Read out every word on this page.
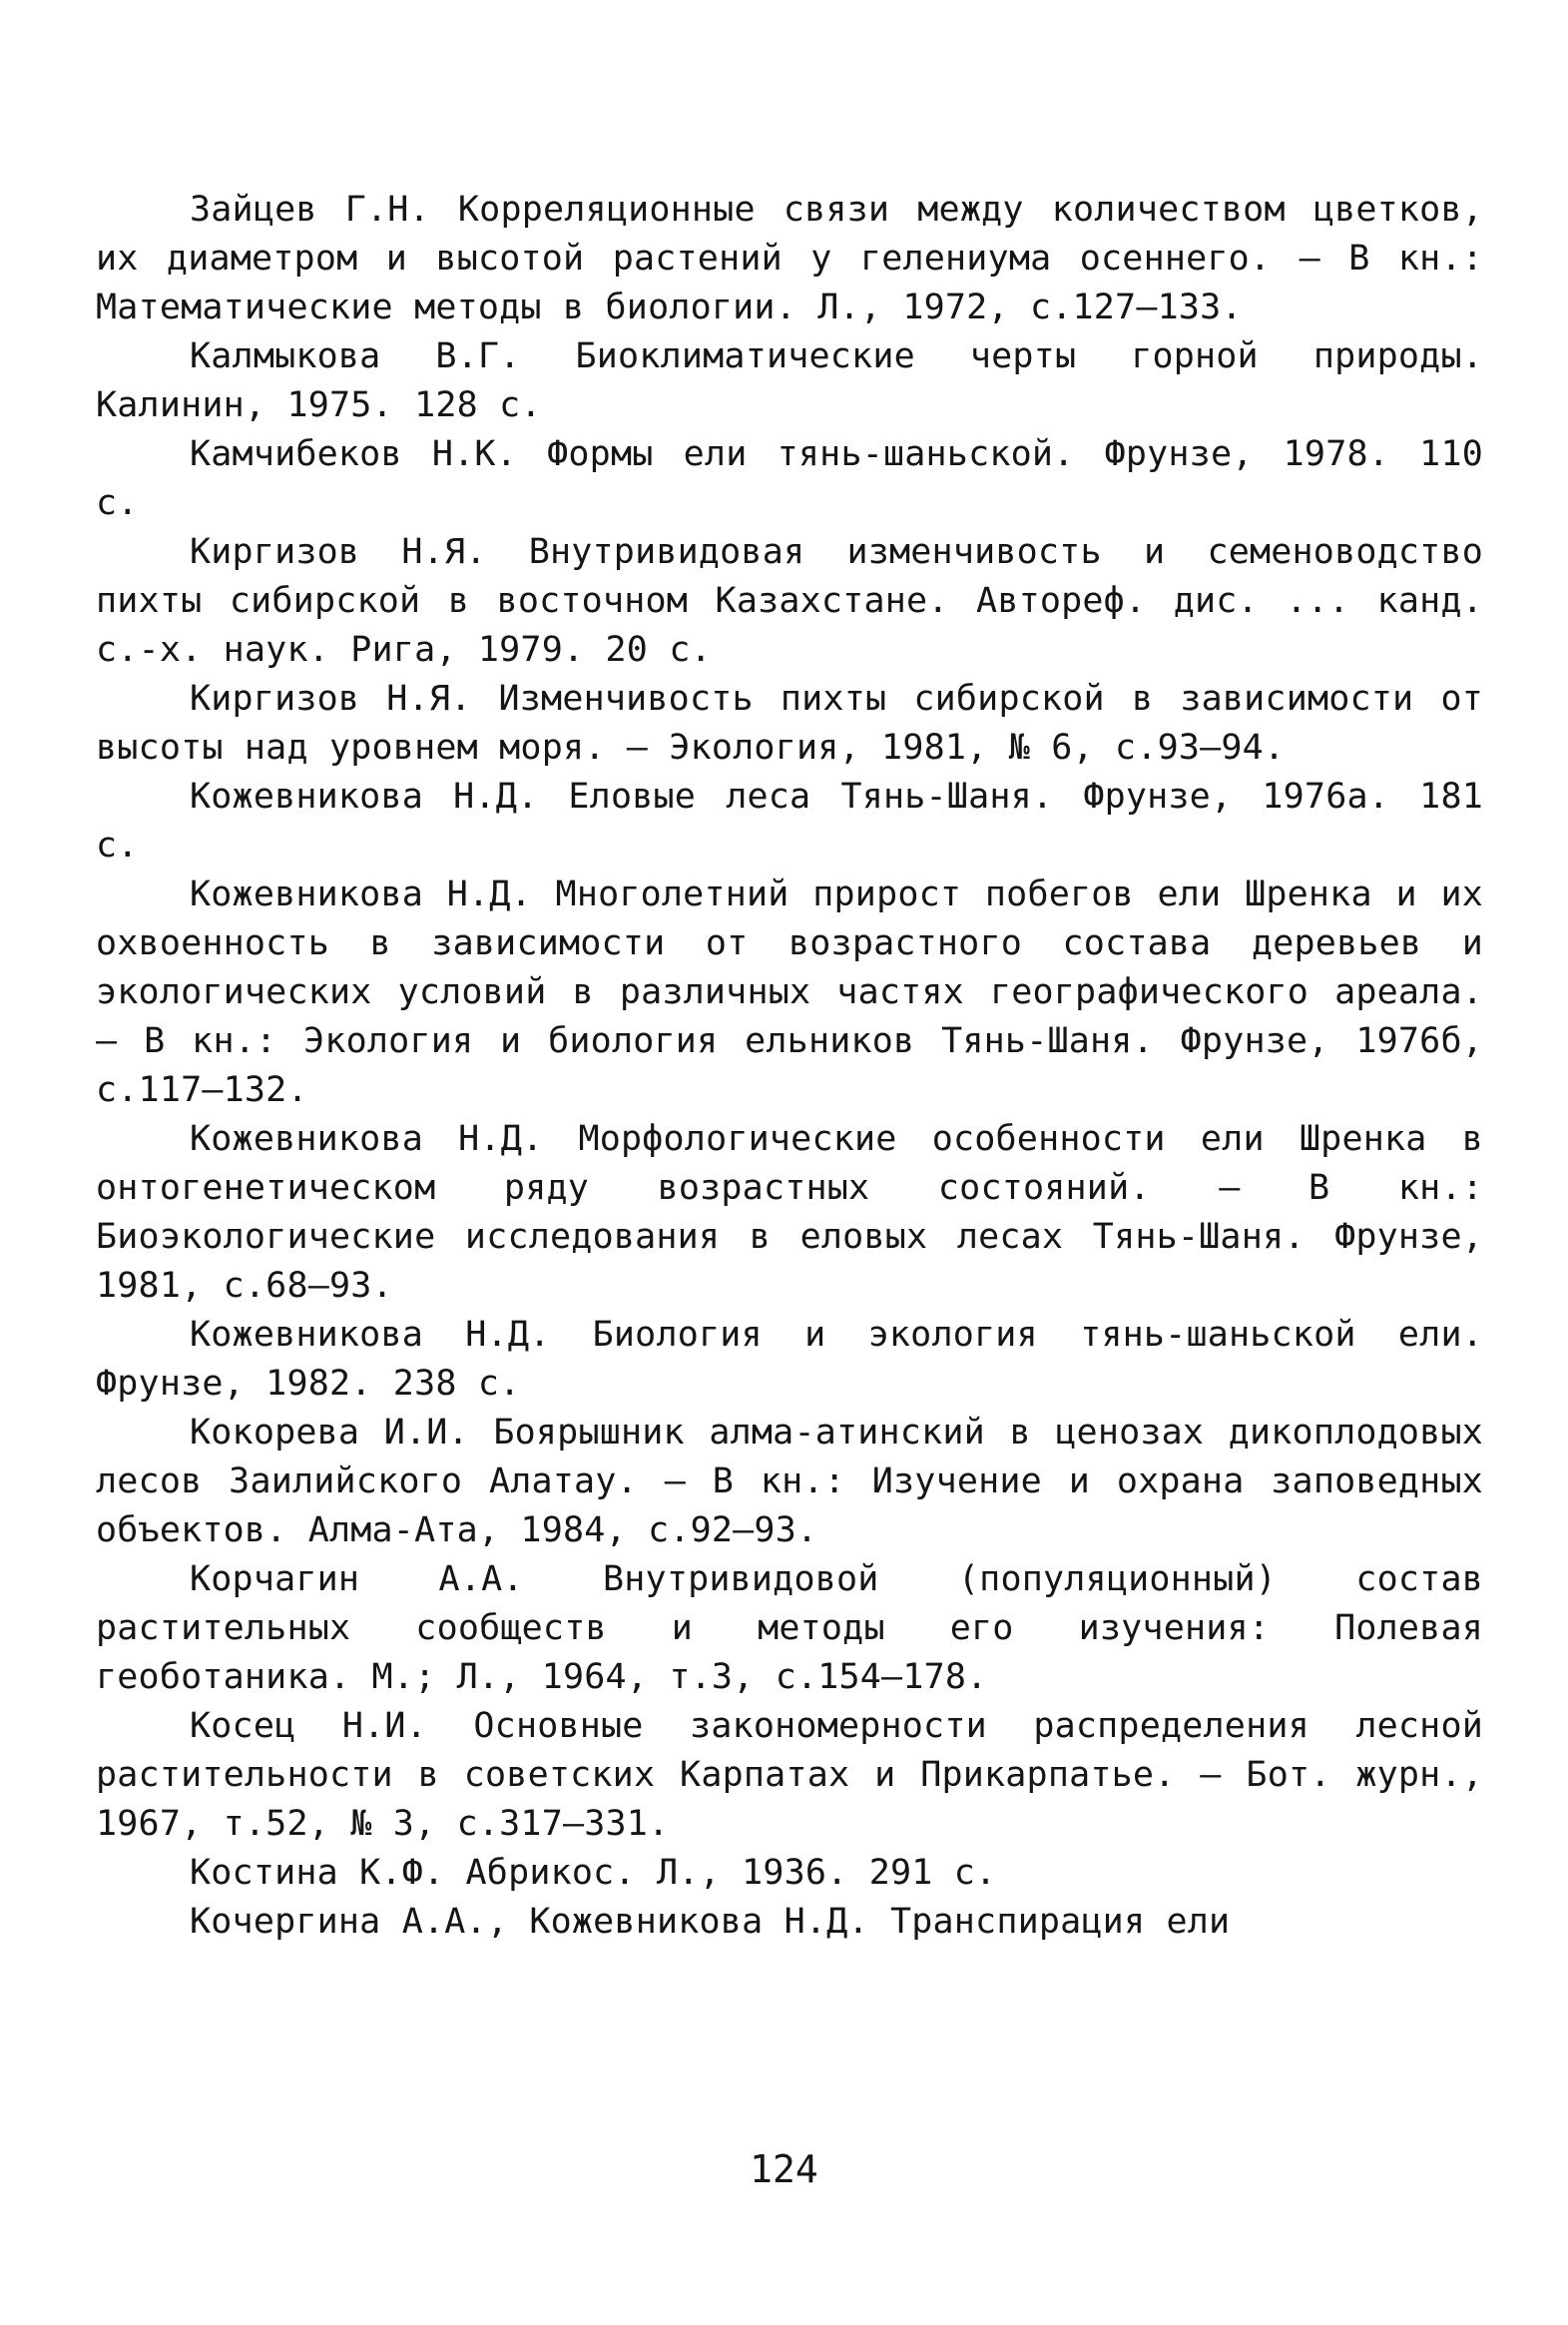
Зайцев Г.Н. Корреляционные связи между количеством цветков, их диаметром и высотой растений у гелениума осеннего. – В кн.: Математические методы в биологии. Л., 1972, с.127–133.

Калмыкова В.Г. Биоклиматические черты горной природы. Калинин, 1975. 128 с.

Камчибеков Н.К. Формы ели тянь-шаньской. Фрунзе, 1978. 110 с.

Киргизов Н.Я. Внутривидовая изменчивость и семеноводство пихты сибирской в восточном Казахстане. Автореф. дис. ... канд. с.-х. наук. Рига, 1979. 20 с.

Киргизов Н.Я. Изменчивость пихты сибирской в зависимости от высоты над уровнем моря. – Экология, 1981, № 6, с.93–94.

Кожевникова Н.Д. Еловые леса Тянь-Шаня. Фрунзе, 1976а. 181 с.

Кожевникова Н.Д. Многолетний прирост побегов ели Шренка и их охвоенность в зависимости от возрастного состава деревьев и экологических условий в различных частях географического ареала. – В кн.: Экология и биология ельников Тянь-Шаня. Фрунзе, 1976б, с.117–132.

Кожевникова Н.Д. Морфологические особенности ели Шренка в онтогенетическом ряду возрастных состояний. – В кн.: Биоэкологические исследования в еловых лесах Тянь-Шаня. Фрунзе, 1981, с.68–93.

Кожевникова Н.Д. Биология и экология тянь-шаньской ели. Фрунзе, 1982. 238 с.

Кокорева И.И. Боярышник алма-атинский в ценозах дикоплодовых лесов Заилийского Алатау. – В кн.: Изучение и охрана заповедных объектов. Алма-Ата, 1984, с.92–93.

Корчагин А.А. Внутривидовой (популяционный) состав растительных сообществ и методы его изучения: Полевая геоботаника. М.; Л., 1964, т.3, с.154–178.

Косец Н.И. Основные закономерности распределения лесной растительности в советских Карпатах и Прикарпатье. – Бот. журн., 1967, т.52, № 3, с.317–331.

Костина К.Ф. Абрикос. Л., 1936. 291 с.

Кочергина А.А., Кожевникова Н.Д. Транспирация ели

124
